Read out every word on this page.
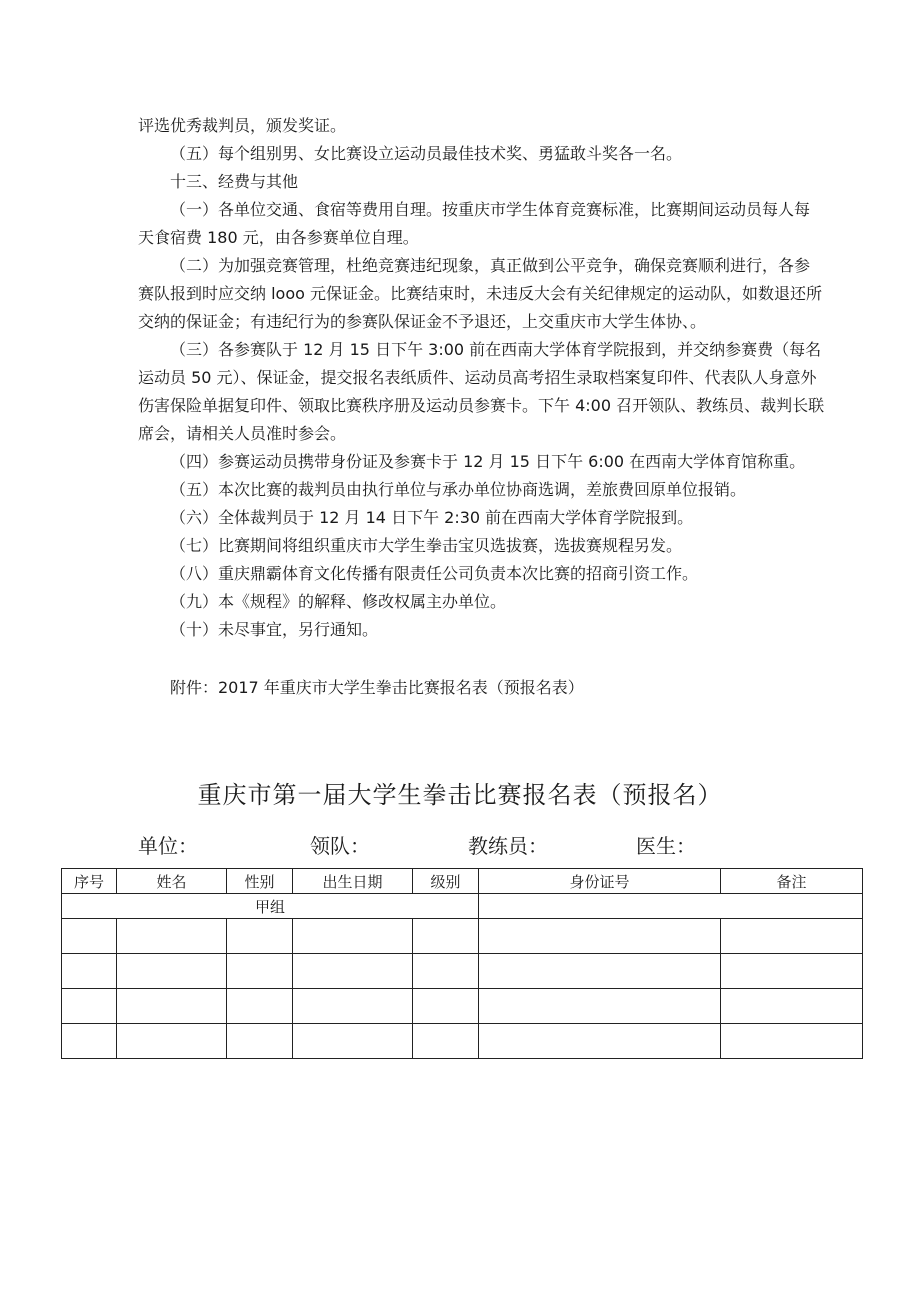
评选优秀裁判员，颁发奖证。
（五）每个组别男、女比赛设立运动员最佳技术奖、勇猛敢斗奖各一名。
十三、经费与其他
（一）各单位交通、食宿等费用自理。按重庆市学生体育竞赛标准，比赛期间运动员每人每
天食宿费 180 元，由各参赛单位自理。
（二）为加强竞赛管理，杜绝竞赛违纪现象，真正做到公平竞争，确保竞赛顺利进行，各参
赛队报到时应交纳 looo 元保证金。比赛结束时，未违反大会有关纪律规定的运动队，如数退还所
交纳的保证金；有违纪行为的参赛队保证金不予退还，上交重庆市大学生体协、。
（三）各参赛队于 12 月 15 日下午 3:00 前在西南大学体育学院报到，并交纳参赛费（每名
运动员 50 元）、保证金，提交报名表纸质件、运动员高考招生录取档案复印件、代表队人身意外
伤害保险单据复印件、领取比赛秩序册及运动员参赛卡。下午 4:00 召开领队、教练员、裁判长联
席会，请相关人员准时参会。
（四）参赛运动员携带身份证及参赛卡于 12 月 15 日下午 6:00 在西南大学体育馆称重。
（五）本次比赛的裁判员由执行单位与承办单位协商选调，差旅费回原单位报销。
（六）全体裁判员于 12 月 14 日下午 2:30 前在西南大学体育学院报到。
（七）比赛期间将组织重庆市大学生拳击宝贝选拔赛，选拔赛规程另发。
（八）重庆鼎霸体育文化传播有限责任公司负责本次比赛的招商引资工作。
（九）本《规程》的解释、修改权属主办单位。
（十）未尽事宜，另行通知。
附件：2017 年重庆市大学生拳击比赛报名表（预报名表）
重庆市第一届大学生拳击比赛报名表（预报名）
单位：	领队：	教练员：	医生：
序号	姓名	性别	出生日期	级别	身份证号	备注
甲组						
